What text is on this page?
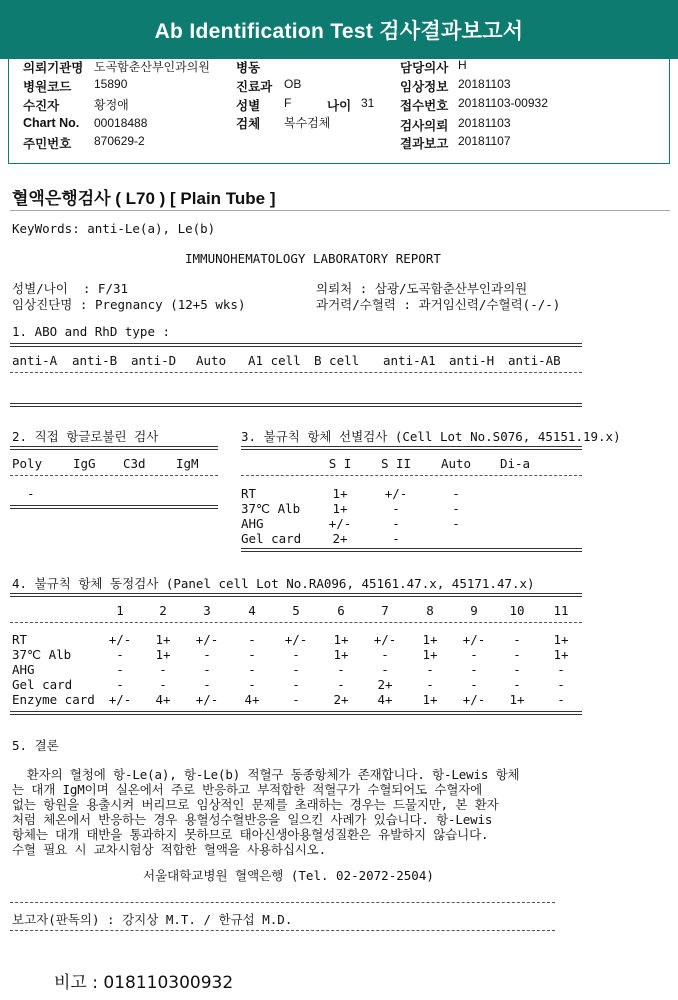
Ab Identification Test 검사결과보고서
의뢰기관명 도곡함춘산부인과의원 병동	담당의사 H
병원코드 15890	진료과 OB	임상정보 20181103
수진자	황정애	성별 F	나이 31 접수번호 20181103-00932
Chart No. 00018488	검체 복수검체	검사의뢰 20181103
주민번호 870629-2	결과보고 20181107
혈액은행검사 ( L70 ) [ Plain Tube ]
KeyWords: anti-Le(a), Le(b)
IMMUNOHEMATOLOGY LABORATORY REPORT
성별/나이  : F/31	의뢰처 : 삼광/도곡함춘산부인과의원
임상진단명 : Pregnancy (12+5 wks)	과거력/수혈력 : 과거임신력/수혈력(-/-)
1. ABO and RhD type :
anti-A anti-B anti-D Auto A1 cell B cell anti-A1 anti-H anti-AB
2. 직접 항글로불린 검사
Poly IgG C3d IgM
-
3. 불규칙 항체 선별검사 (Cell Lot No.S076, 45151.19.x)
S I	S II	Auto	Di-a
RT	1+	+/-	-
37℃ Alb	1+	-	-
AHG	+/-	-	-
Gel card	2+	-
4. 불규칙 항체 동정검사 (Panel cell Lot No.RA096, 45161.47.x, 45171.47.x)
1	2	3	4	5	6	7	8	9	10	11
RT	+/-	1+	+/-	-	+/-	1+	+/-	1+	+/-	-	1+
37℃ Alb	-	1+	-	-	-	1+	-	1+	-	-	1+
AHG	-	-	-	-	-	-	-	-	-	-	-
Gel card	-	-	-	-	-	-	2+	-	-	-	-
Enzyme card	+/-	4+	+/-	4+	-	2+	4+	1+	+/-	1+	-
5. 결론
환자의 혈청에 항-Le(a), 항-Le(b) 적혈구 동종항체가 존재합니다. 항-Lewis 항체
는 대개 IgM이며 실온에서 주로 반응하고 부적합한 적혈구가 수혈되어도 수혈자에
없는 항원을 용출시켜 버리므로 임상적인 문제를 초래하는 경우는 드물지만, 본 환자
처럼 체온에서 반응하는 경우 용혈성수혈반응을 일으킨 사례가 있습니다. 항-Lewis
항체는 대개 태반을 통과하지 못하므로 태아신생아용혈성질환은 유발하지 않습니다.
수혈 필요 시 교차시험상 적합한 혈액을 사용하십시오.
서울대학교병원 혈액은행 (Tel. 02-2072-2504)
보고자(판독의) : 강지상 M.T. / 한규섭 M.D.
비고 : 018110300932
